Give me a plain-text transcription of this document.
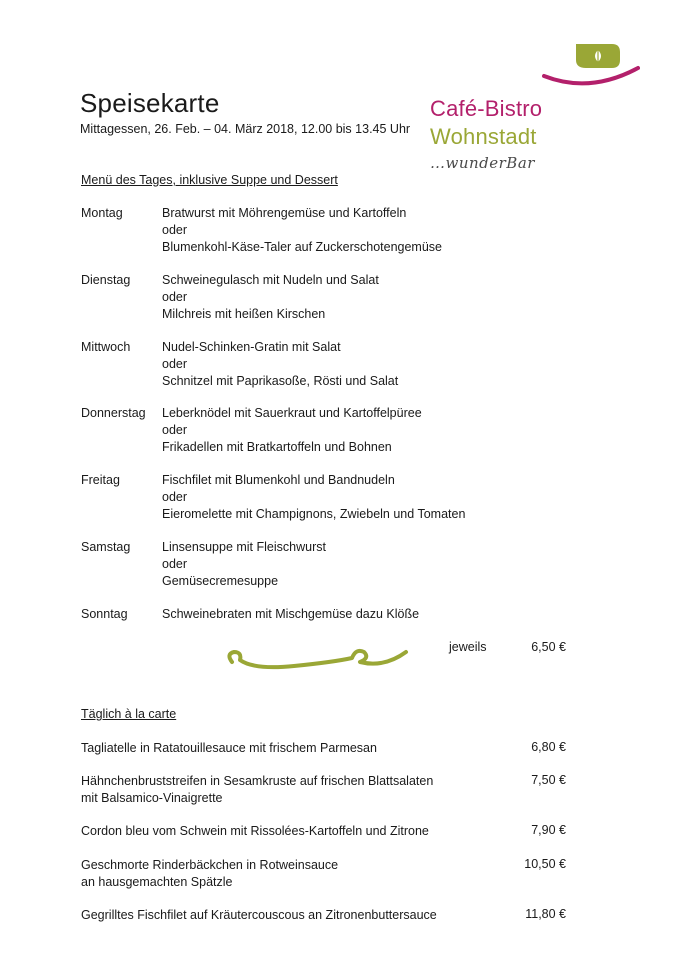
Speisekarte
Mittagessen, 26. Feb. – 04. März 2018, 12.00 bis 13.45 Uhr
Café-Bistro
Wohnstadt
…wunderBar
Menü des Tages, inklusive Suppe und Dessert
Montag	Bratwurst mit Möhrengemüse und Kartoffeln
oder
Blumenkohl-Käse-Taler auf Zuckerschotengemüse
Dienstag	Schweinegulasch mit Nudeln und Salat
oder
Milchreis mit heißen Kirschen
Mittwoch	Nudel-Schinken-Gratin mit Salat
oder
Schnitzel mit Paprikasoße, Rösti und Salat
Donnerstag Leberknödel mit Sauerkraut und Kartoffelpüree
oder
Frikadellen mit Bratkartoffeln und Bohnen
Freitag	Fischfilet mit Blumenkohl und Bandnudeln
oder
Eieromelette mit Champignons, Zwiebeln und Tomaten
Samstag	Linsensuppe mit Fleischwurst
oder
Gemüsecremesuppe
Sonntag	Schweinebraten mit Mischgemüse dazu Klöße
jeweils	6,50 €
Täglich à la carte
Tagliatelle in Ratatouillesauce mit frischem Parmesan	6,80 €
Hähnchenbruststreifen in Sesamkruste auf frischen Blattsalaten
mit Balsamico-Vinaigrette
7,50 €
Cordon bleu vom Schwein mit Rissolées-Kartoffeln und Zitrone	7,90 €
Geschmorte Rinderbäckchen in Rotweinsauce
an hausgemachten Spätzle
10,50 €
Gegrilltes Fischfilet auf Kräutercouscous an Zitronenbuttersauce	11,80 €
